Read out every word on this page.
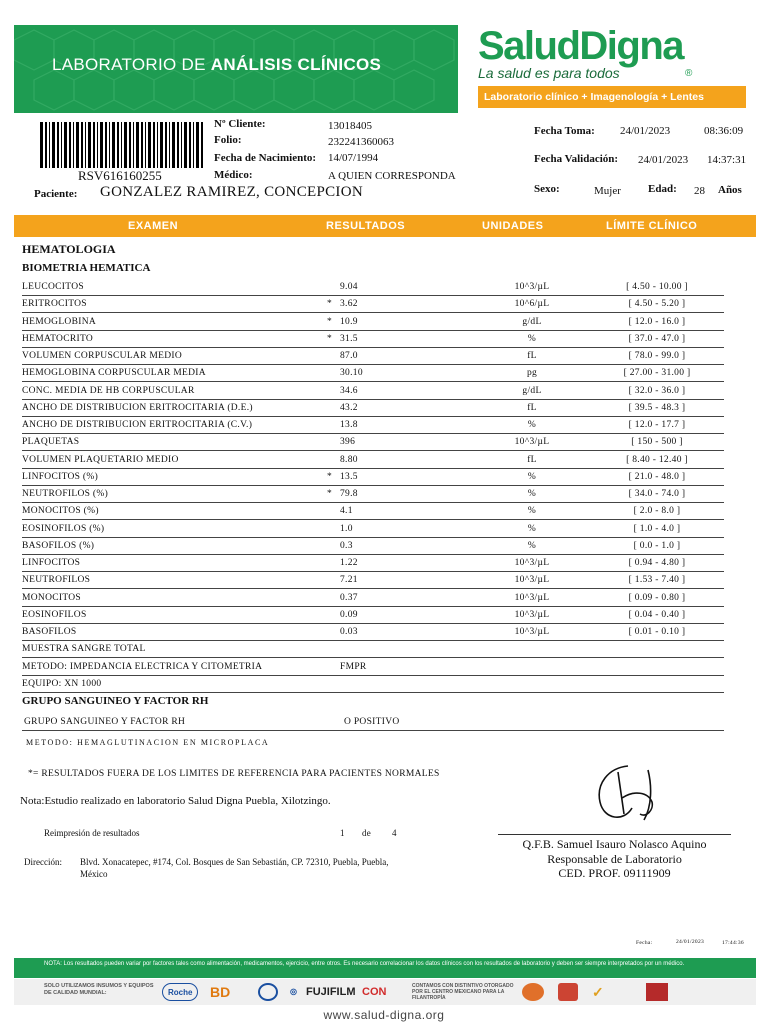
LABORATORIO DE ANÁLISIS CLÍNICOS SaludDigna®
La salud es para todos
Laboratorio clínico + Imagenología + Lentes
RSV616160255
Nº Cliente:	13018405
Folio:	232241360063
Fecha de Nacimiento: 14/07/1994
Médico:	A QUIEN CORRESPONDA
Fecha Toma: 24/01/2023	08:36:09
Fecha Validación: 24/01/2023 14:37:31
Sexo:	Mujer Edad: 28 Años
Paciente: GONZALEZ RAMIREZ, CONCEPCION
EXAMEN	RESULTADOS	UNIDADES	LÍMITE CLÍNICO
HEMATOLOGIA
BIOMETRIA HEMATICA
LEUCOCITOS	9.04	10^3/µL	[ 4.50 - 10.00 ]
ERITROCITOS	* 3.62	10^6/µL	[ 4.50 - 5.20 ]
HEMOGLOBINA	* 10.9	g/dL	[ 12.0 - 16.0 ]
HEMATOCRITO	* 31.5	%	[ 37.0 - 47.0 ]
VOLUMEN CORPUSCULAR MEDIO	87.0	fL	[ 78.0 - 99.0 ]
HEMOGLOBINA CORPUSCULAR MEDIA	30.10	pg	[ 27.00 - 31.00 ]
CONC. MEDIA DE HB CORPUSCULAR	34.6	g/dL	[ 32.0 - 36.0 ]
ANCHO DE DISTRIBUCION ERITROCITARIA (D.E.)	43.2	fL	[ 39.5 - 48.3 ]
ANCHO DE DISTRIBUCION ERITROCITARIA (C.V.)	13.8	%	[ 12.0 - 17.7 ]
PLAQUETAS	396	10^3/µL	[ 150 - 500 ]
VOLUMEN PLAQUETARIO MEDIO	8.80	fL	[ 8.40 - 12.40 ]
LINFOCITOS (%)	* 13.5	%	[ 21.0 - 48.0 ]
NEUTROFILOS (%)	* 79.8	%	[ 34.0 - 74.0 ]
MONOCITOS (%)	4.1	%	[ 2.0 - 8.0 ]
EOSINOFILOS (%)	1.0	%	[ 1.0 - 4.0 ]
BASOFILOS (%)	0.3	%	[ 0.0 - 1.0 ]
LINFOCITOS	1.22	10^3/µL	[ 0.94 - 4.80 ]
NEUTROFILOS	7.21	10^3/µL	[ 1.53 - 7.40 ]
MONOCITOS	0.37	10^3/µL	[ 0.09 - 0.80 ]
EOSINOFILOS	0.09	10^3/µL	[ 0.04 - 0.40 ]
BASOFILOS	0.03	10^3/µL	[ 0.01 - 0.10 ]
MUESTRA SANGRE TOTAL
METODO: IMPEDANCIA ELECTRICA Y CITOMETRIA	FMPR
EQUIPO: XN 1000
GRUPO SANGUINEO Y FACTOR RH
GRUPO SANGUINEO Y FACTOR RH	O POSITIVO
METODO: HEMAGLUTINACION EN MICROPLACA
*= RESULTADOS FUERA DE LOS LIMITES DE REFERENCIA PARA PACIENTES NORMALES
Nota:Estudio realizado en laboratorio Salud Digna Puebla, Xilotzingo.
Reimpresión de resultados	1 de 4
Dirección: Blvd. Xonacatepec, #174, Col. Bosques de San Sebastián, CP. 72310, Puebla, Puebla,
México
Q.F.B. Samuel Isauro Nolasco Aquino
Responsable de Laboratorio
CED. PROF. 09111909
Fecha:	24/01/2023	17:44:36
NOTA: Los resultados pueden variar por factores tales como alimentación, medicamentos, ejercicio, entre otros. Es necesario correlacionar los datos clínicos con los resultados de laboratorio y deben ser siempre interpretados por un médico.
SOLO UTILIZAMOS INSUMOS Y EQUIPOS DE CALIDAD MUNDIAL:	Roche	BD	◎ FUJIFILM CON	CONTAMOS CON DISTINTIVO OTORGADO POR EL CENTRO MEXICANO PARA LA FILANTROPÍA	✓
www.salud-digna.org
